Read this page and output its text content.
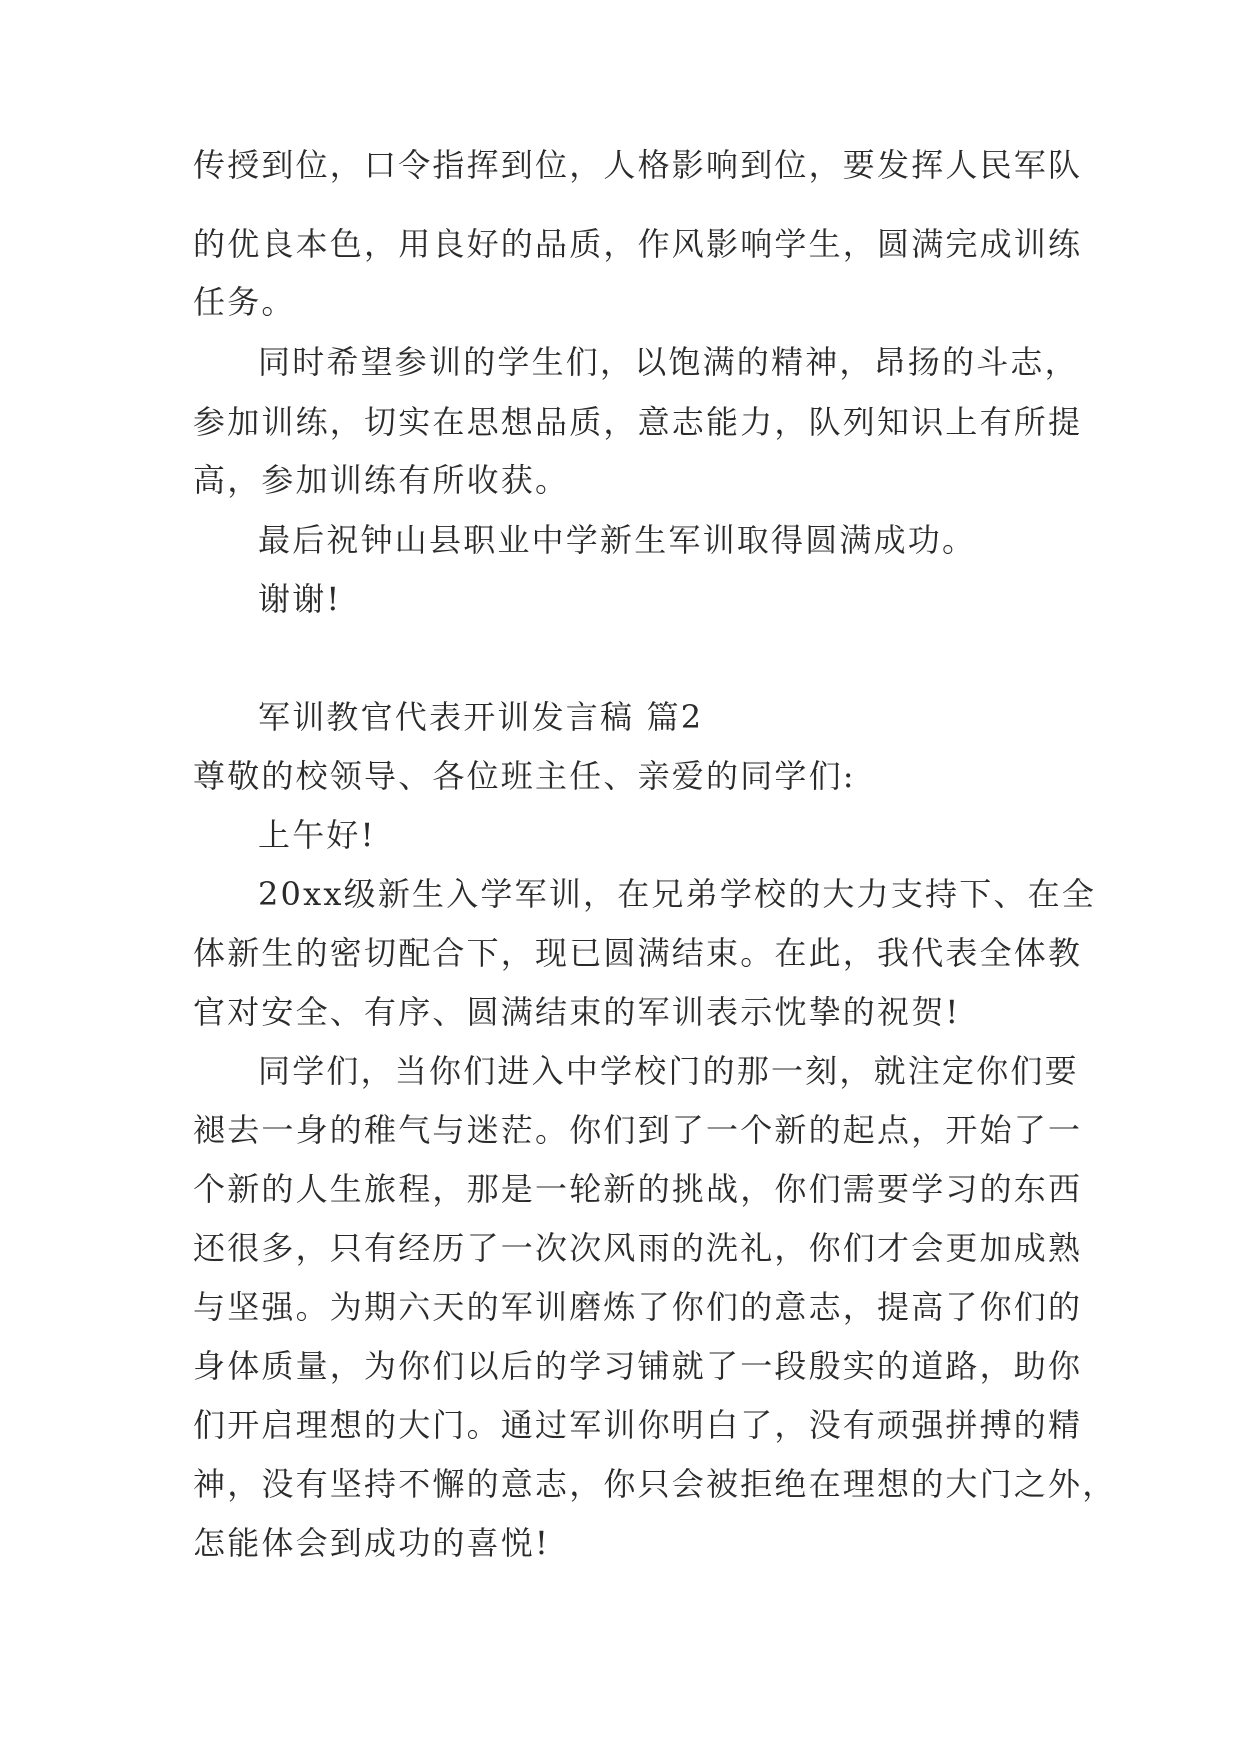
传授到位，口令指挥到位，人格影响到位，要发挥人民军队
的优良本色，用良好的品质，作风影响学生，圆满完成训练
任务。
同时希望参训的学生们，以饱满的精神，昂扬的斗志，
参加训练，切实在思想品质，意志能力，队列知识上有所提
高，参加训练有所收获。
最后祝钟山县职业中学新生军训取得圆满成功。
谢谢!
军训教官代表开训发言稿 篇2
尊敬的校领导、各位班主任、亲爱的同学们:
上午好!
20xx级新生入学军训，在兄弟学校的大力支持下、在全
体新生的密切配合下，现已圆满结束。在此，我代表全体教
官对安全、有序、圆满结束的军训表示忱挚的祝贺!
同学们，当你们进入中学校门的那一刻，就注定你们要
褪去一身的稚气与迷茫。你们到了一个新的起点，开始了一
个新的人生旅程，那是一轮新的挑战，你们需要学习的东西
还很多，只有经历了一次次风雨的洗礼，你们才会更加成熟
与坚强。为期六天的军训磨炼了你们的意志，提高了你们的
身体质量，为你们以后的学习铺就了一段殷实的道路，助你
们开启理想的大门。通过军训你明白了，没有顽强拼搏的精
神，没有坚持不懈的意志，你只会被拒绝在理想的大门之外，
怎能体会到成功的喜悦!
